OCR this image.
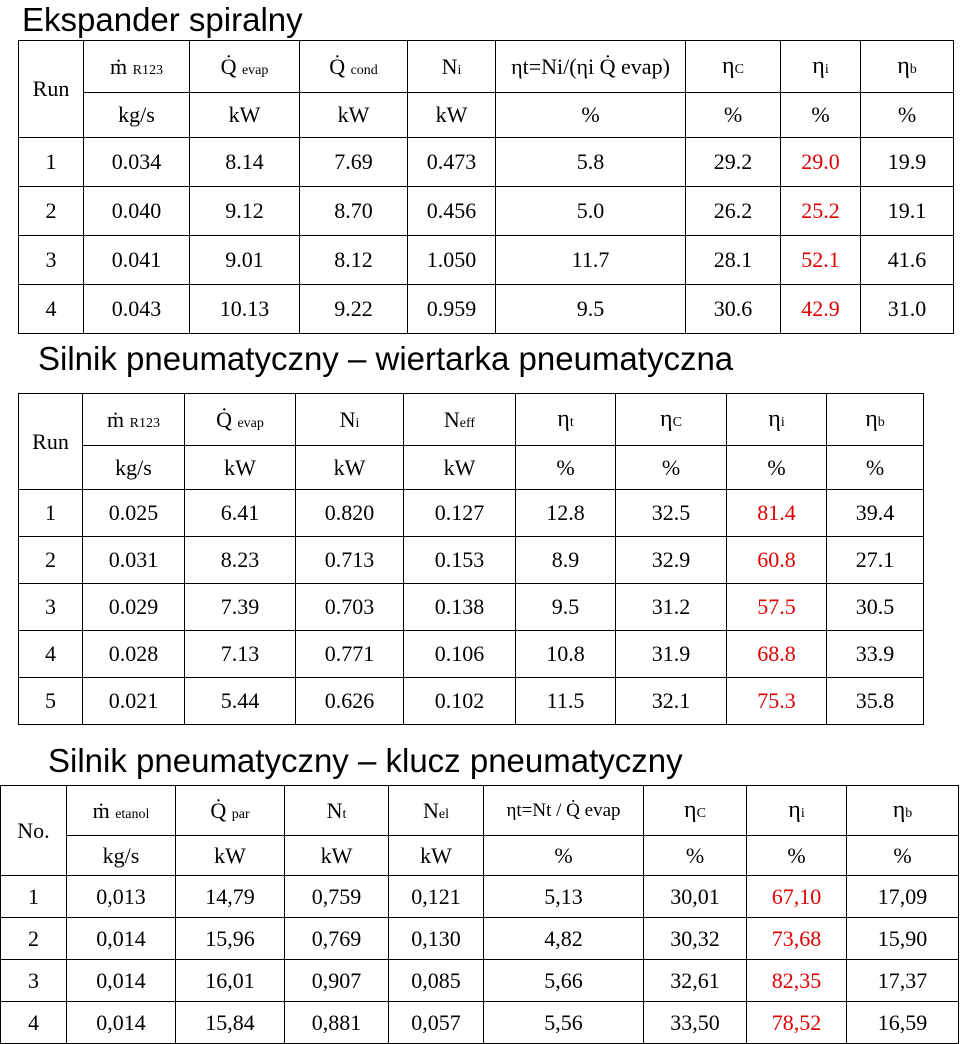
Ekspander spiralny
Run	ṁ R123	Q̇ evap	Q̇ cond	Ni	ηt=Ni/(ηi Q̇ evap)	ηC	ηi	ηb
	kg/s	kW	kW	kW	%	%	%	%
1	0.034	8.14	7.69	0.473	5.8	29.2	29.0	19.9
2	0.040	9.12	8.70	0.456	5.0	26.2	25.2	19.1
3	0.041	9.01	8.12	1.050	11.7	28.1	52.1	41.6
4	0.043	10.13	9.22	0.959	9.5	30.6	42.9	31.0
Silnik pneumatyczny – wiertarka pneumatyczna
Run	ṁ R123	Q̇ evap	Ni	Neff	ηt	ηC	ηi	ηb
	kg/s	kW	kW	kW	%	%	%	%
1	0.025	6.41	0.820	0.127	12.8	32.5	81.4	39.4
2	0.031	8.23	0.713	0.153	8.9	32.9	60.8	27.1
3	0.029	7.39	0.703	0.138	9.5	31.2	57.5	30.5
4	0.028	7.13	0.771	0.106	10.8	31.9	68.8	33.9
5	0.021	5.44	0.626	0.102	11.5	32.1	75.3	35.8
Silnik pneumatyczny – klucz pneumatyczny
No.	ṁ etanol	Q̇ par	Nt	Nel	ηt=Nt / Q̇ evap	ηC	ηi	ηb
	kg/s	kW	kW	kW	%	%	%	%
1	0,013	14,79	0,759	0,121	5,13	30,01	67,10	17,09
2	0,014	15,96	0,769	0,130	4,82	30,32	73,68	15,90
3	0,014	16,01	0,907	0,085	5,66	32,61	82,35	17,37
4	0,014	15,84	0,881	0,057	5,56	33,50	78,52	16,59
